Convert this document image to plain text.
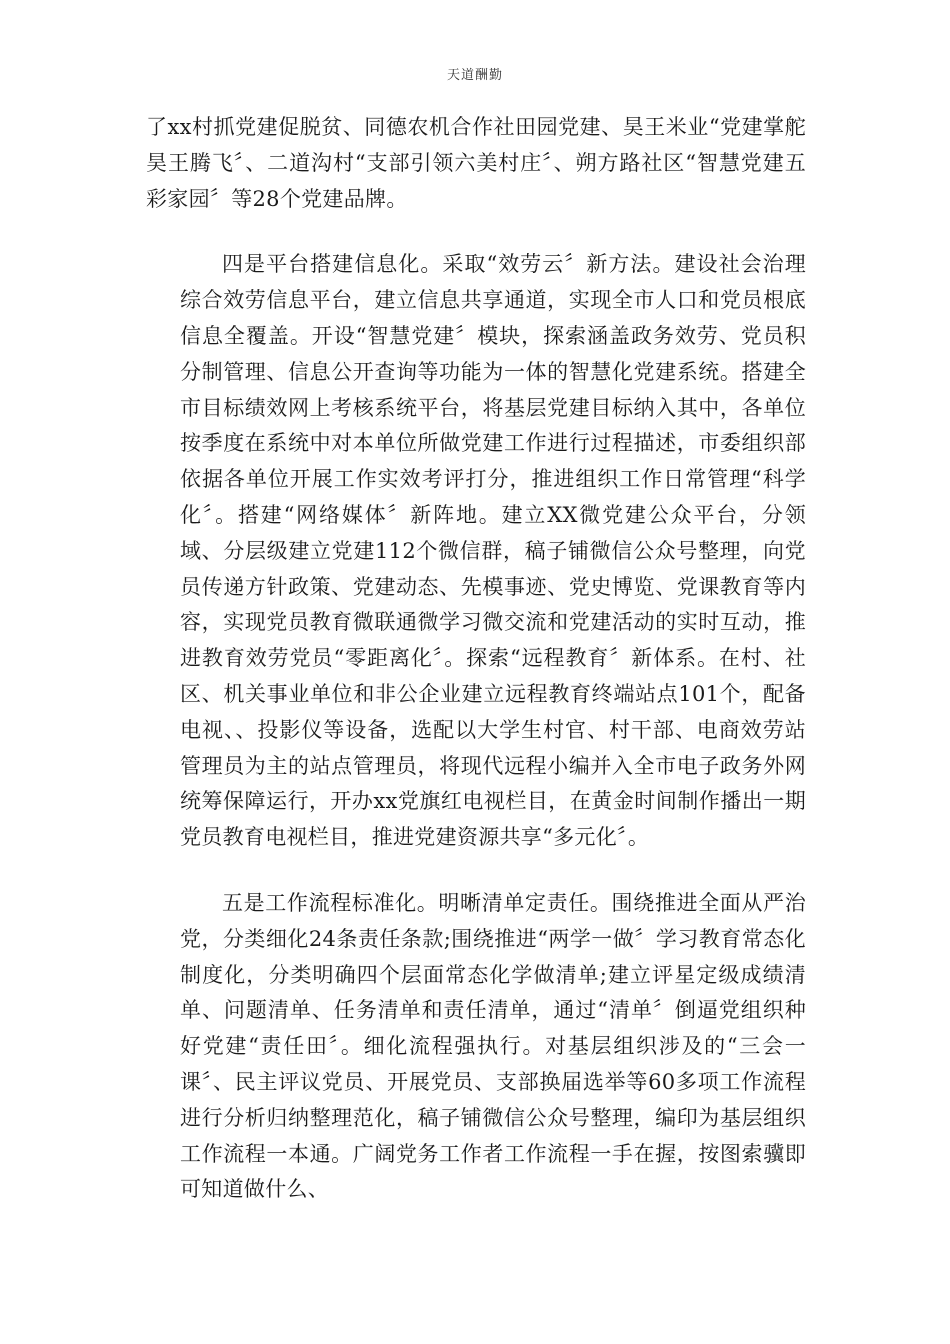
天道酬勤

了xx村抓党建促脱贫、同德农机合作社田园党建、昊王米业“党建掌舵昊王腾飞〞、二道沟村“支部引领六美村庄〞、朔方路社区“智慧党建五彩家园〞等28个党建品牌。

四是平台搭建信息化。采取“效劳云〞新方法。建设社会治理综合效劳信息平台，建立信息共享通道，实现全市人口和党员根底信息全覆盖。开设“智慧党建〞模块，探索涵盖政务效劳、党员积分制管理、信息公开查询等功能为一体的智慧化党建系统。搭建全市目标绩效网上考核系统平台，将基层党建目标纳入其中，各单位按季度在系统中对本单位所做党建工作进行过程描述，市委组织部依据各单位开展工作实效考评打分，推进组织工作日常管理“科学化〞。搭建“网络媒体〞新阵地。建立XX微党建公众平台，分领域、分层级建立党建112个微信群，稿子铺微信公众号整理，向党员传递方针政策、党建动态、先模事迹、党史博览、党课教育等内容，实现党员教育微联通微学习微交流和党建活动的实时互动，推进教育效劳党员“零距离化〞。探索“远程教育〞新体系。在村、社区、机关事业单位和非公企业建立远程教育终端站点101个，配备电视、、投影仪等设备，选配以大学生村官、村干部、电商效劳站管理员为主的站点管理员，将现代远程小编并入全市电子政务外网统筹保障运行，开办xx党旗红电视栏目，在黄金时间制作播出一期党员教育电视栏目，推进党建资源共享“多元化〞。

五是工作流程标准化。明晰清单定责任。围绕推进全面从严治党，分类细化24条责任条款;围绕推进“两学一做〞学习教育常态化制度化，分类明确四个层面常态化学做清单;建立评星定级成绩清单、问题清单、任务清单和责任清单，通过“清单〞倒逼党组织种好党建“责任田〞。细化流程强执行。对基层组织涉及的“三会一课〞、民主评议党员、开展党员、支部换届选举等60多项工作流程进行分析归纳整理范化，稿子铺微信公众号整理，编印为基层组织工作流程一本通。广阔党务工作者工作流程一手在握，按图索骥即可知道做什么、
